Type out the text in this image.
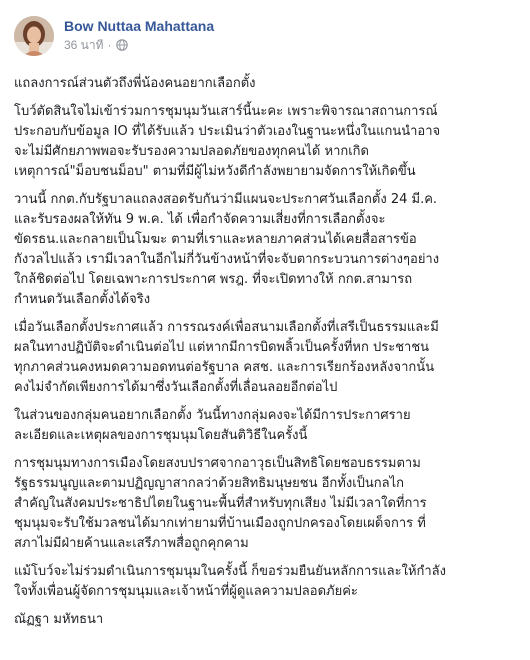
Bow Nuttaa Mahattana
36 นาที ·

แถลงการณ์ส่วนตัวถึงพี่น้องคนอยากเลือกตั้ง

โบว์ตัดสินใจไม่เข้าร่วมการชุมนุมวันเสาร์นี้นะคะ เพราะพิจารณาสถานการณ์
ประกอบกับข้อมูล IO ที่ได้รับแล้ว ประเมินว่าตัวเองในฐานะหนึ่งในแกนนำอาจ
จะไม่มีศักยภาพพอจะรับรองความปลอดภัยของทุกคนได้ หากเกิด
เหตุการณ์"ม็อบชนม็อบ" ตามที่มีผู้ไม่หวังดีกำลังพยายามจัดการให้เกิดขึ้น

วานนี้ กกต.กับรัฐบาลแถลงสอดรับกันว่ามีแผนจะประกาศวันเลือกตั้ง 24 มี.ค.
และรับรองผลให้ทัน 9 พ.ค. ได้ เพื่อกำจัดความเสี่ยงที่การเลือกตั้งจะ
ขัดรธน.และกลายเป็นโมฆะ ตามที่เราและหลายภาคส่วนได้เคยสื่อสารข้อ
กังวลไปแล้ว เรามีเวลาในอีกไม่กี่วันข้างหน้าที่จะจับตากระบวนการต่างๆอย่าง
ใกล้ชิดต่อไป โดยเฉพาะการประกาศ พรฎ. ที่จะเปิดทางให้ กกต.สามารถ
กำหนดวันเลือกตั้งได้จริง

เมื่อวันเลือกตั้งประกาศแล้ว การรณรงค์เพื่อสนามเลือกตั้งที่เสรีเป็นธรรมและมี
ผลในทางปฏิบัติจะดำเนินต่อไป แต่หากมีการบิดพลิ้วเป็นครั้งที่หก ประชาชน
ทุกภาคส่วนคงหมดความอดทนต่อรัฐบาล คสช. และการเรียกร้องหลังจากนั้น
คงไม่จำกัดเพียงการได้มาซึ่งวันเลือกตั้งที่เลื่อนลอยอีกต่อไป

ในส่วนของกลุ่มคนอยากเลือกตั้ง วันนี้ทางกลุ่มคงจะได้มีการประกาศราย
ละเอียดและเหตุผลของการชุมนุมโดยสันติวิธีในครั้งนี้

การชุมนุมทางการเมืองโดยสงบปราศจากอาวุธเป็นสิทธิโดยชอบธรรมตาม
รัฐธรรมนูญและตามปฏิญญาสากลว่าด้วยสิทธิมนุษยชน อีกทั้งเป็นกลไก
สำคัญในสังคมประชาธิปไตยในฐานะพื้นที่สำหรับทุกเสียง ไม่มีเวลาใดที่การ
ชุมนุมจะรับใช้มวลชนได้มากเท่ายามที่บ้านเมืองถูกปกครองโดยเผด็จการ ที่
สภาไม่มีฝ่ายค้านและเสรีภาพสื่อถูกคุกคาม

แม้โบว์จะไม่ร่วมดำเนินการชุมนุมในครั้งนี้ ก็ขอร่วมยืนยันหลักการและให้กำลัง
ใจทั้งเพื่อนผู้จัดการชุมนุมและเจ้าหน้าที่ผู้ดูแลความปลอดภัยค่ะ

ณัฏฐา มหัทธนา
